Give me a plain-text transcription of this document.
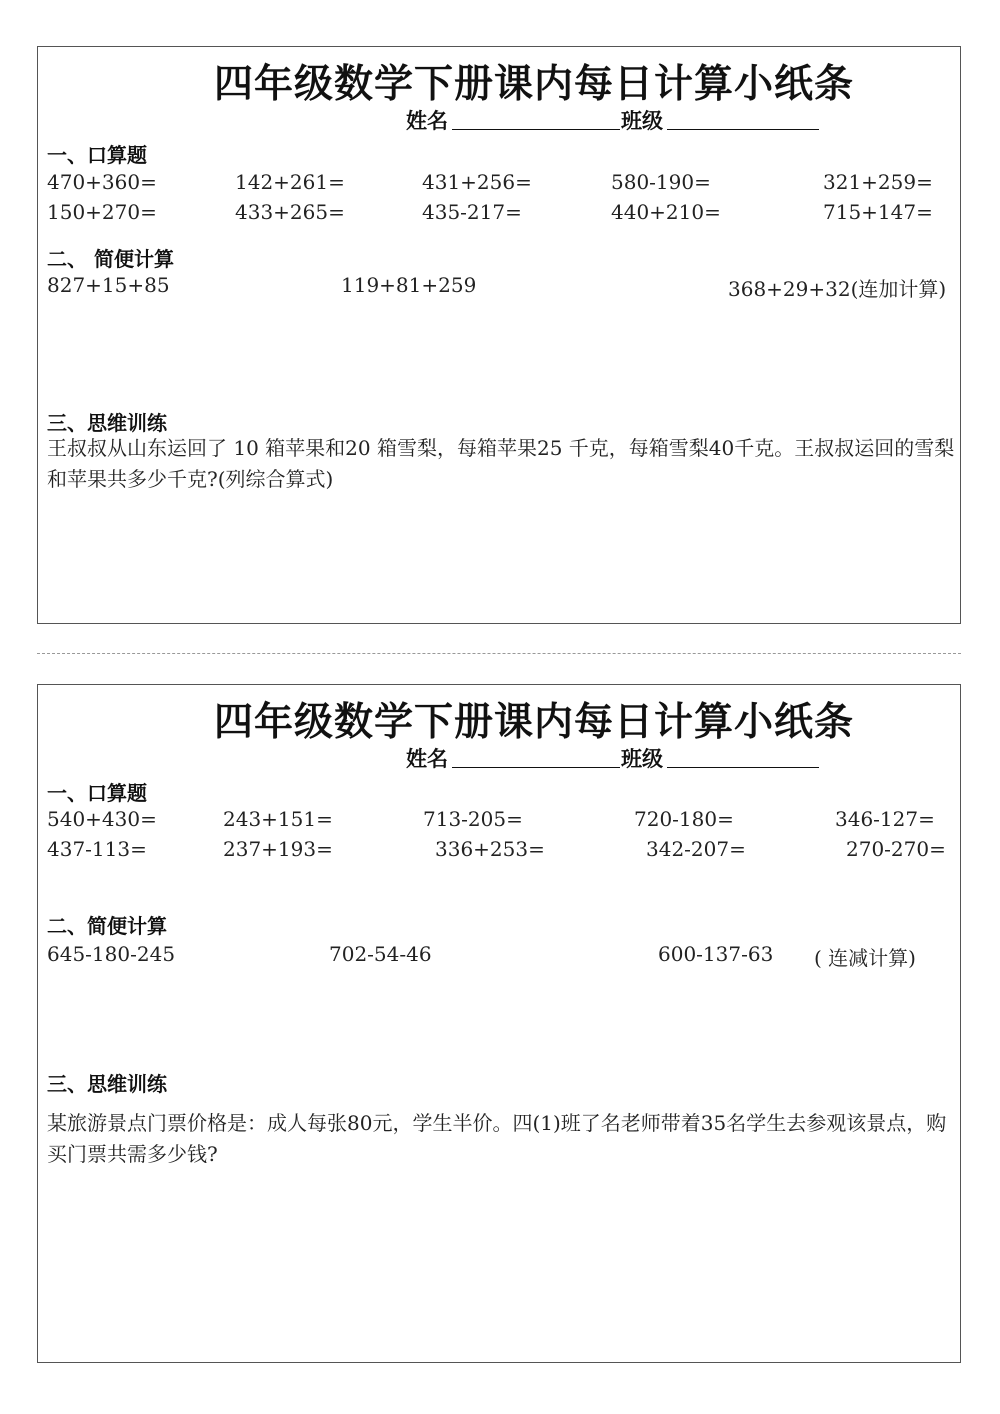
四年级数学下册课内每日计算小纸条
姓名	班级
一、口算题
470+360=	142+261=	431+256=	580-190=	321+259=
150+270=	433+265=	435-217=	440+210=	715+147=
二、 简便计算
827+15+85	119+81+259	368+29+32(连加计算)
三、思维训练
王叔叔从山东运回了 10 箱苹果和20 箱雪梨，每箱苹果25 千克，每箱雪梨40千克。王叔叔运回的雪梨和苹果共多少千克?(列综合算式)
四年级数学下册课内每日计算小纸条
姓名	班级
一、口算题
540+430=	243+151=	713-205=	720-180=	346-127=
437-113=	237+193=	336+253=	342-207=	270-270=
二、简便计算
645-180-245	702-54-46	600-137-63 ( 连减计算)
三、思维训练
某旅游景点门票价格是：成人每张80元，学生半价。四(1)班了名老师带着35名学生去参观该景点，购买门票共需多少钱?
